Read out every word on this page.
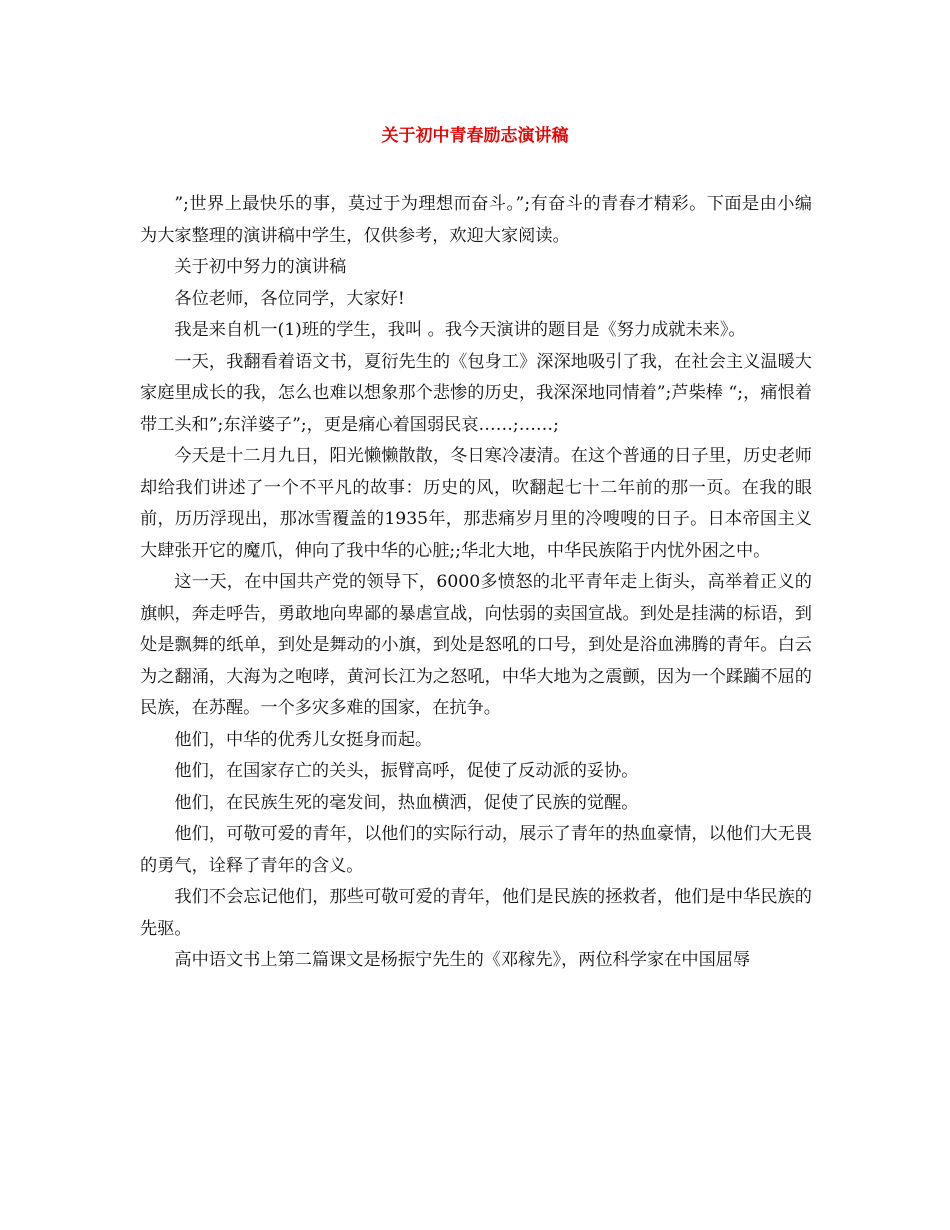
关于初中青春励志演讲稿

”;世界上最快乐的事，莫过于为理想而奋斗。”;有奋斗的青春才精彩。下面是由小编为大家整理的演讲稿中学生，仅供参考，欢迎大家阅读。

关于初中努力的演讲稿

各位老师，各位同学，大家好!

我是来自机一(1)班的学生，我叫 。我今天演讲的题目是《努力成就未来》。

一天，我翻看着语文书，夏衍先生的《包身工》深深地吸引了我，在社会主义温暖大家庭里成长的我，怎么也难以想象那个悲惨的历史，我深深地同情着”;芦柴棒 “;，痛恨着带工头和”;东洋婆子”;，更是痛心着国弱民哀……;……;

今天是十二月九日，阳光懒懒散散，冬日寒冷凄清。在这个普通的日子里，历史老师却给我们讲述了一个不平凡的故事：历史的风，吹翻起七十二年前的那一页。在我的眼前，历历浮现出，那冰雪覆盖的1935年，那悲痛岁月里的冷嗖嗖的日子。日本帝国主义大肆张开它的魔爪，伸向了我中华的心脏;;华北大地，中华民族陷于内忧外困之中。

这一天，在中国共产党的领导下，6000多愤怒的北平青年走上街头，高举着正义的旗帜，奔走呼告，勇敢地向卑鄙的暴虐宣战，向怯弱的卖国宣战。到处是挂满的标语，到处是飘舞的纸单，到处是舞动的小旗，到处是怒吼的口号，到处是浴血沸腾的青年。白云为之翻涌，大海为之咆哮，黄河长江为之怒吼，中华大地为之震颤，因为一个蹂躏不屈的民族，在苏醒。一个多灾多难的国家，在抗争。

他们，中华的优秀儿女挺身而起。

他们，在国家存亡的关头，振臂高呼，促使了反动派的妥协。

他们，在民族生死的毫发间，热血横洒，促使了民族的觉醒。

他们，可敬可爱的青年，以他们的实际行动，展示了青年的热血豪情，以他们大无畏的勇气，诠释了青年的含义。

我们不会忘记他们，那些可敬可爱的青年，他们是民族的拯救者，他们是中华民族的先驱。

高中语文书上第二篇课文是杨振宁先生的《邓稼先》，两位科学家在中国屈辱
